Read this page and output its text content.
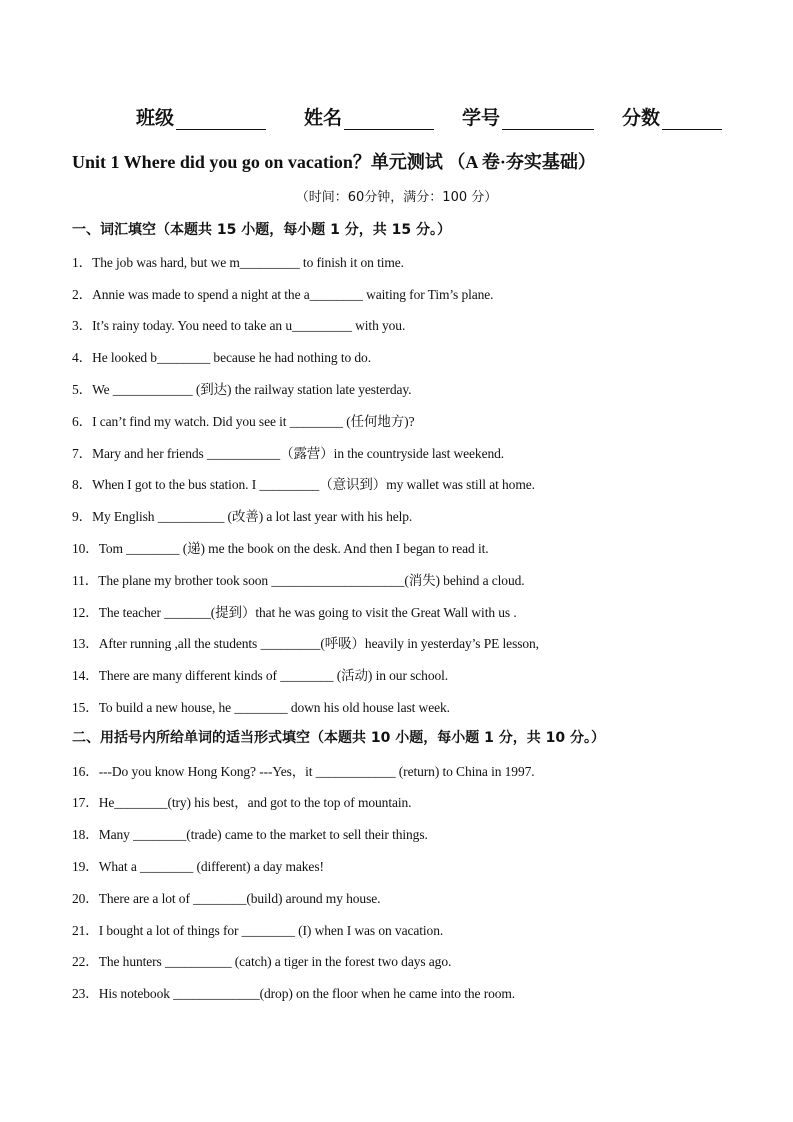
班级	姓名	学号	分数
Unit 1 Where did you go on vacation？单元测试 （A 卷·夯实基础）
（时间：60分钟，满分：100 分）
一、词汇填空（本题共 15 小题，每小题 1 分，共 15 分。）
1．The job was hard, but we m_________ to finish it on time.
2．Annie was made to spend a night at the a________ waiting for Tim’s plane.
3．It’s rainy today. You need to take an u_________ with you.
4．He looked b________ because he had nothing to do.
5．We ____________ (到达) the railway station late yesterday.
6．I can’t find my watch. Did you see it ________ (任何地方)?
7．Mary and her friends ___________（露营）in the countryside last weekend.
8．When I got to the bus station. I _________（意识到）my wallet was still at home.
9．My English __________ (改善) a lot last year with his help.
10．Tom ________ (递) me the book on the desk. And then I began to read it.
11．The plane my brother took soon ____________________(消失) behind a cloud.
12．The teacher _______(提到）that he was going to visit the Great Wall with us .
13．After running ,all the students _________(呼吸）heavily in yesterday’s PE lesson,
14．There are many different kinds of ________ (活动) in our school.
15．To build a new house, he ________ down his old house last week.
二、用括号内所给单词的适当形式填空（本题共 10 小题，每小题 1 分，共 10 分。）
16．---Do you know Hong Kong? ---Yes，it ____________ (return) to China in 1997.
17．He________(try) his best，and got to the top of mountain.
18．Many ________(trade) came to the market to sell their things.
19．What a ________ (different) a day makes!
20．There are a lot of ________(build) around my house.
21．I bought a lot of things for ________ (I) when I was on vacation.
22．The hunters __________ (catch) a tiger in the forest two days ago.
23．His notebook _____________(drop) on the floor when he came into the room.
